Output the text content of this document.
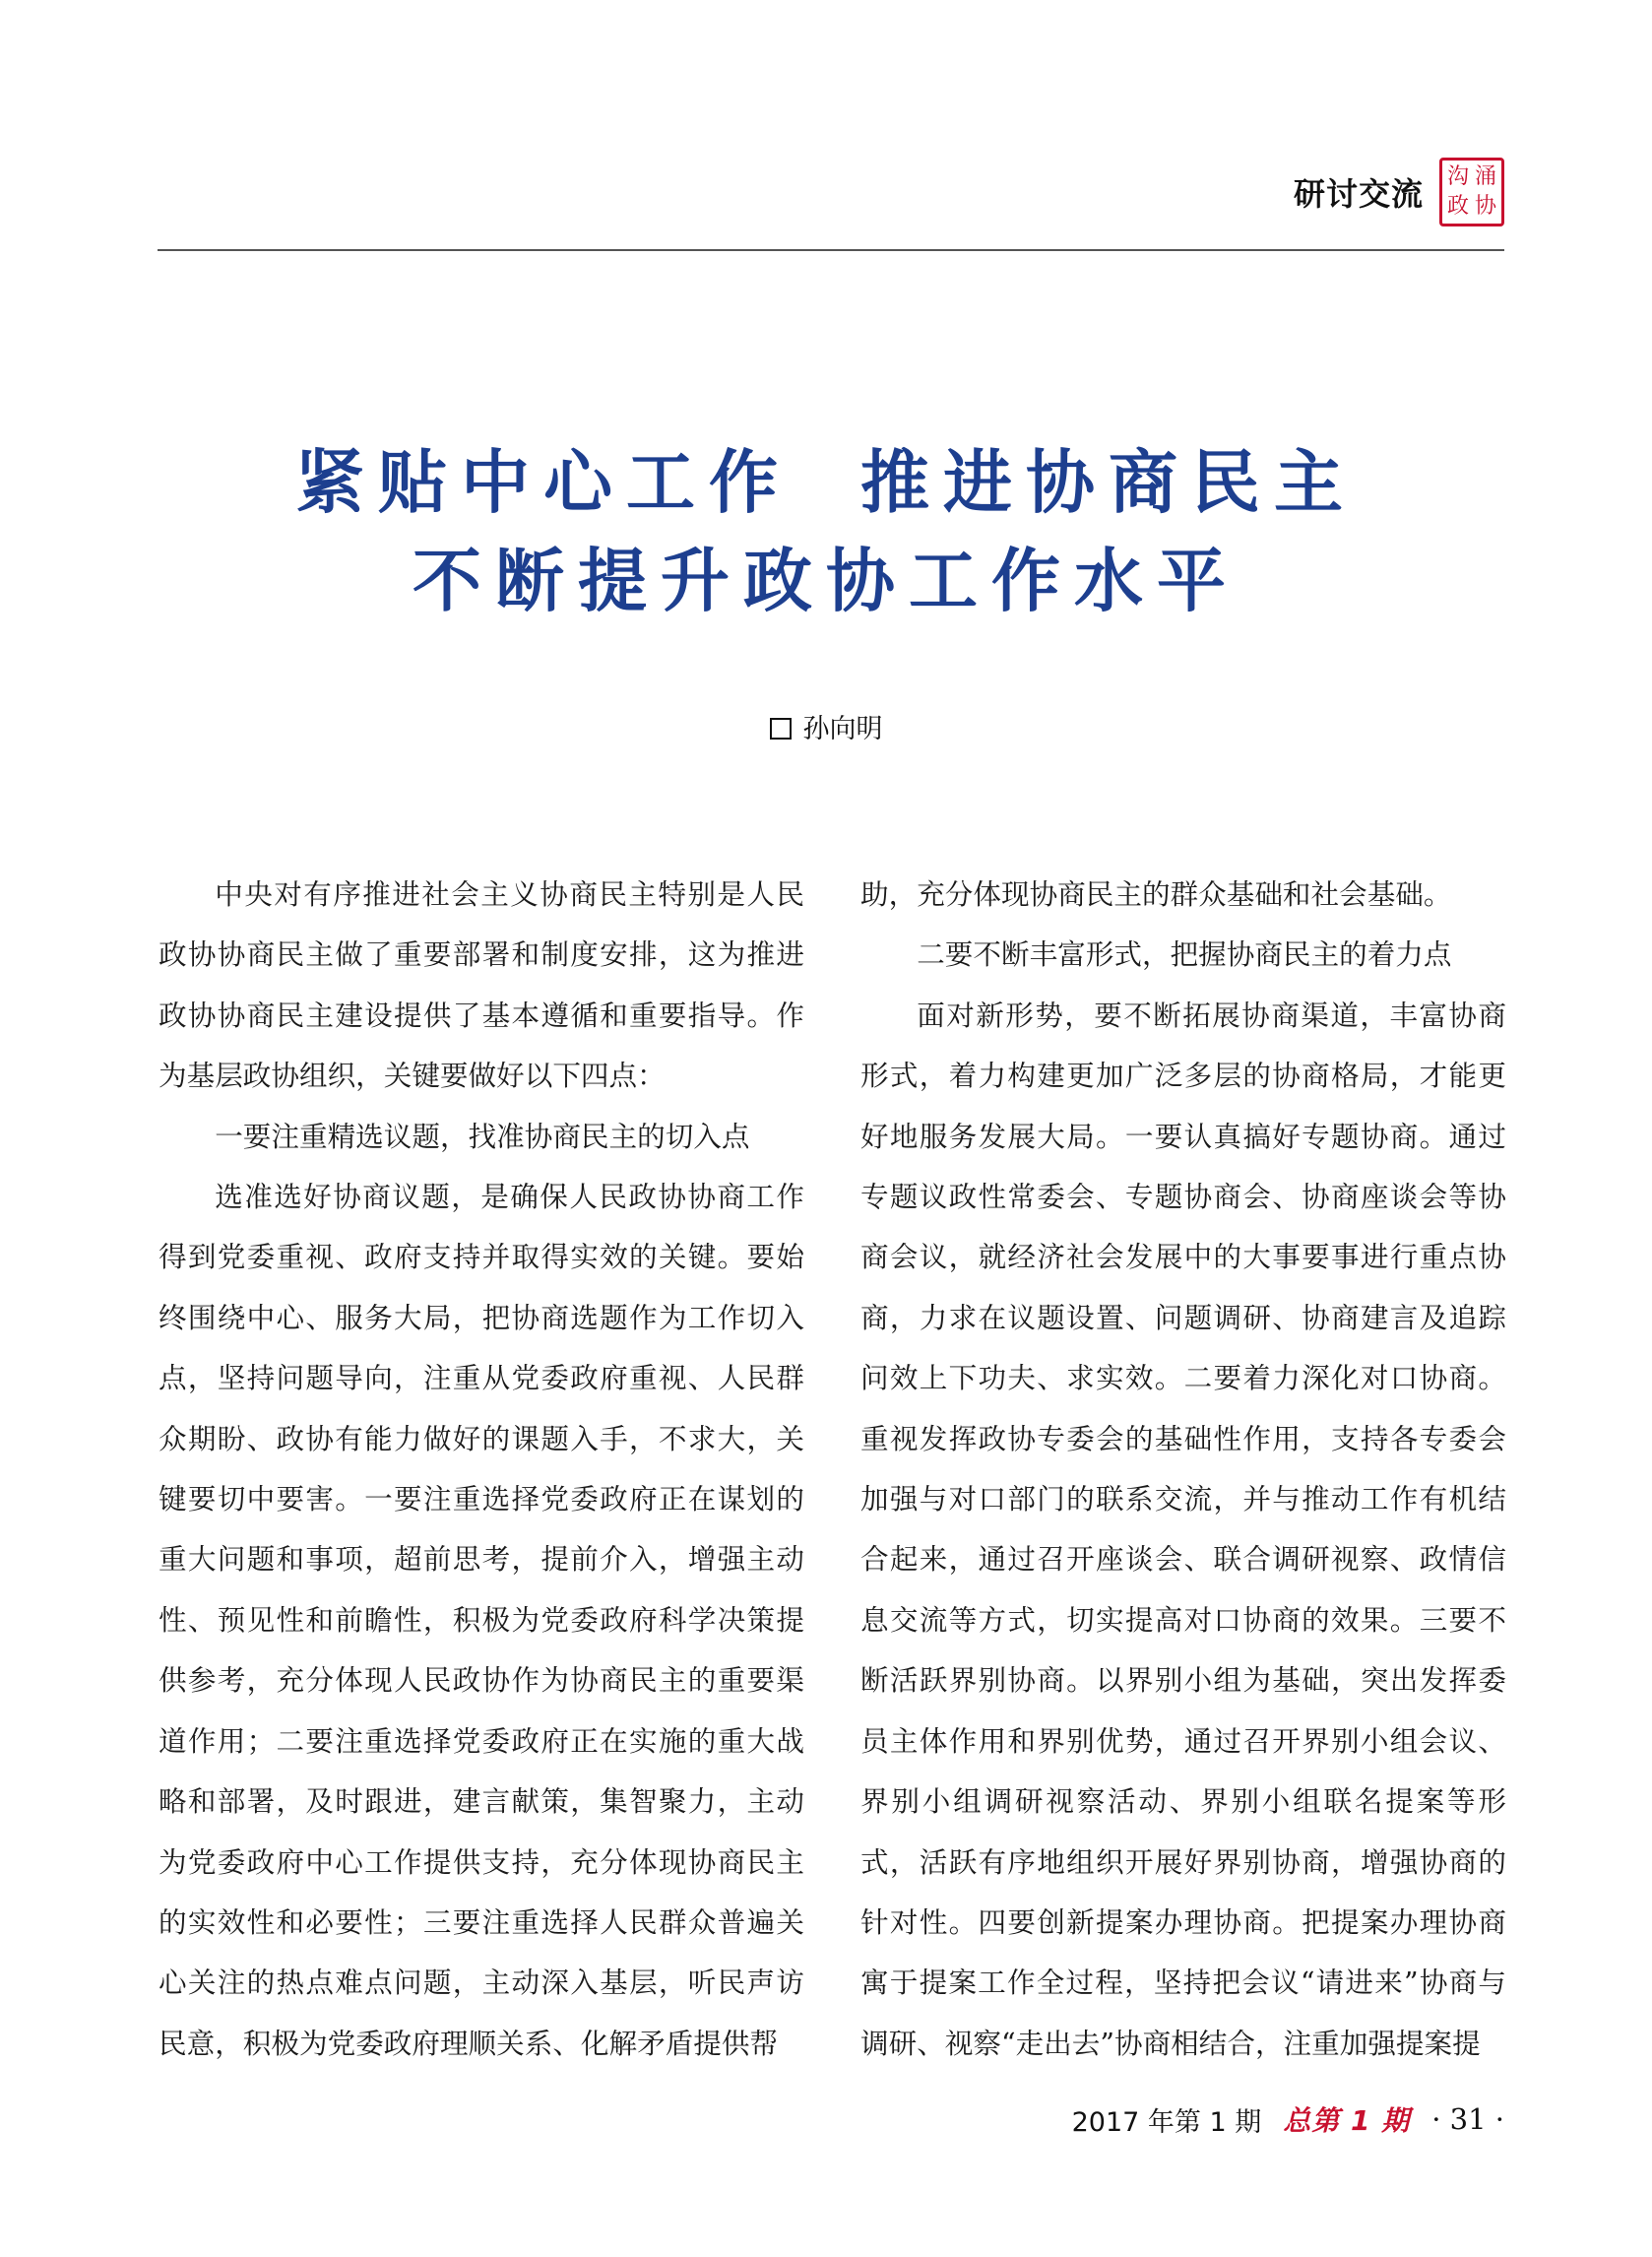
研讨交流 沟 涌
政 协
紧贴中心工作 推进协商民主
不断提升政协工作水平
孙向明

中央对有序推进社会主义协商民主特别是人民政协协商民主做了重要部署和制度安排，这为推进政协协商民主建设提供了基本遵循和重要指导。作为基层政协组织，关键要做好以下四点：

一要注重精选议题，找准协商民主的切入点

选准选好协商议题，是确保人民政协协商工作得到党委重视、政府支持并取得实效的关键。要始终围绕中心、服务大局，把协商选题作为工作切入点，坚持问题导向，注重从党委政府重视、人民群众期盼、政协有能力做好的课题入手，不求大，关键要切中要害。一要注重选择党委政府正在谋划的重大问题和事项，超前思考，提前介入，增强主动性、预见性和前瞻性，积极为党委政府科学决策提供参考，充分体现人民政协作为协商民主的重要渠道作用；二要注重选择党委政府正在实施的重大战略和部署，及时跟进，建言献策，集智聚力，主动为党委政府中心工作提供支持，充分体现协商民主的实效性和必要性；三要注重选择人民群众普遍关心关注的热点难点问题，主动深入基层，听民声访民意，积极为党委政府理顺关系、化解矛盾提供帮

助，充分体现协商民主的群众基础和社会基础。

二要不断丰富形式，把握协商民主的着力点

面对新形势，要不断拓展协商渠道，丰富协商形式，着力构建更加广泛多层的协商格局，才能更好地服务发展大局。一要认真搞好专题协商。通过专题议政性常委会、专题协商会、协商座谈会等协商会议，就经济社会发展中的大事要事进行重点协商，力求在议题设置、问题调研、协商建言及追踪问效上下功夫、求实效。二要着力深化对口协商。重视发挥政协专委会的基础性作用，支持各专委会加强与对口部门的联系交流，并与推动工作有机结合起来，通过召开座谈会、联合调研视察、政情信息交流等方式，切实提高对口协商的效果。三要不断活跃界别协商。以界别小组为基础，突出发挥委员主体作用和界别优势，通过召开界别小组会议、界别小组调研视察活动、界别小组联名提案等形式，活跃有序地组织开展好界别协商，增强协商的针对性。四要创新提案办理协商。把提案办理协商寓于提案工作全过程，坚持把会议“请进来”协商与调研、视察“走出去”协商相结合，注重加强提案提

2017 年第 1 期 总第 1 期 · 31 ·
